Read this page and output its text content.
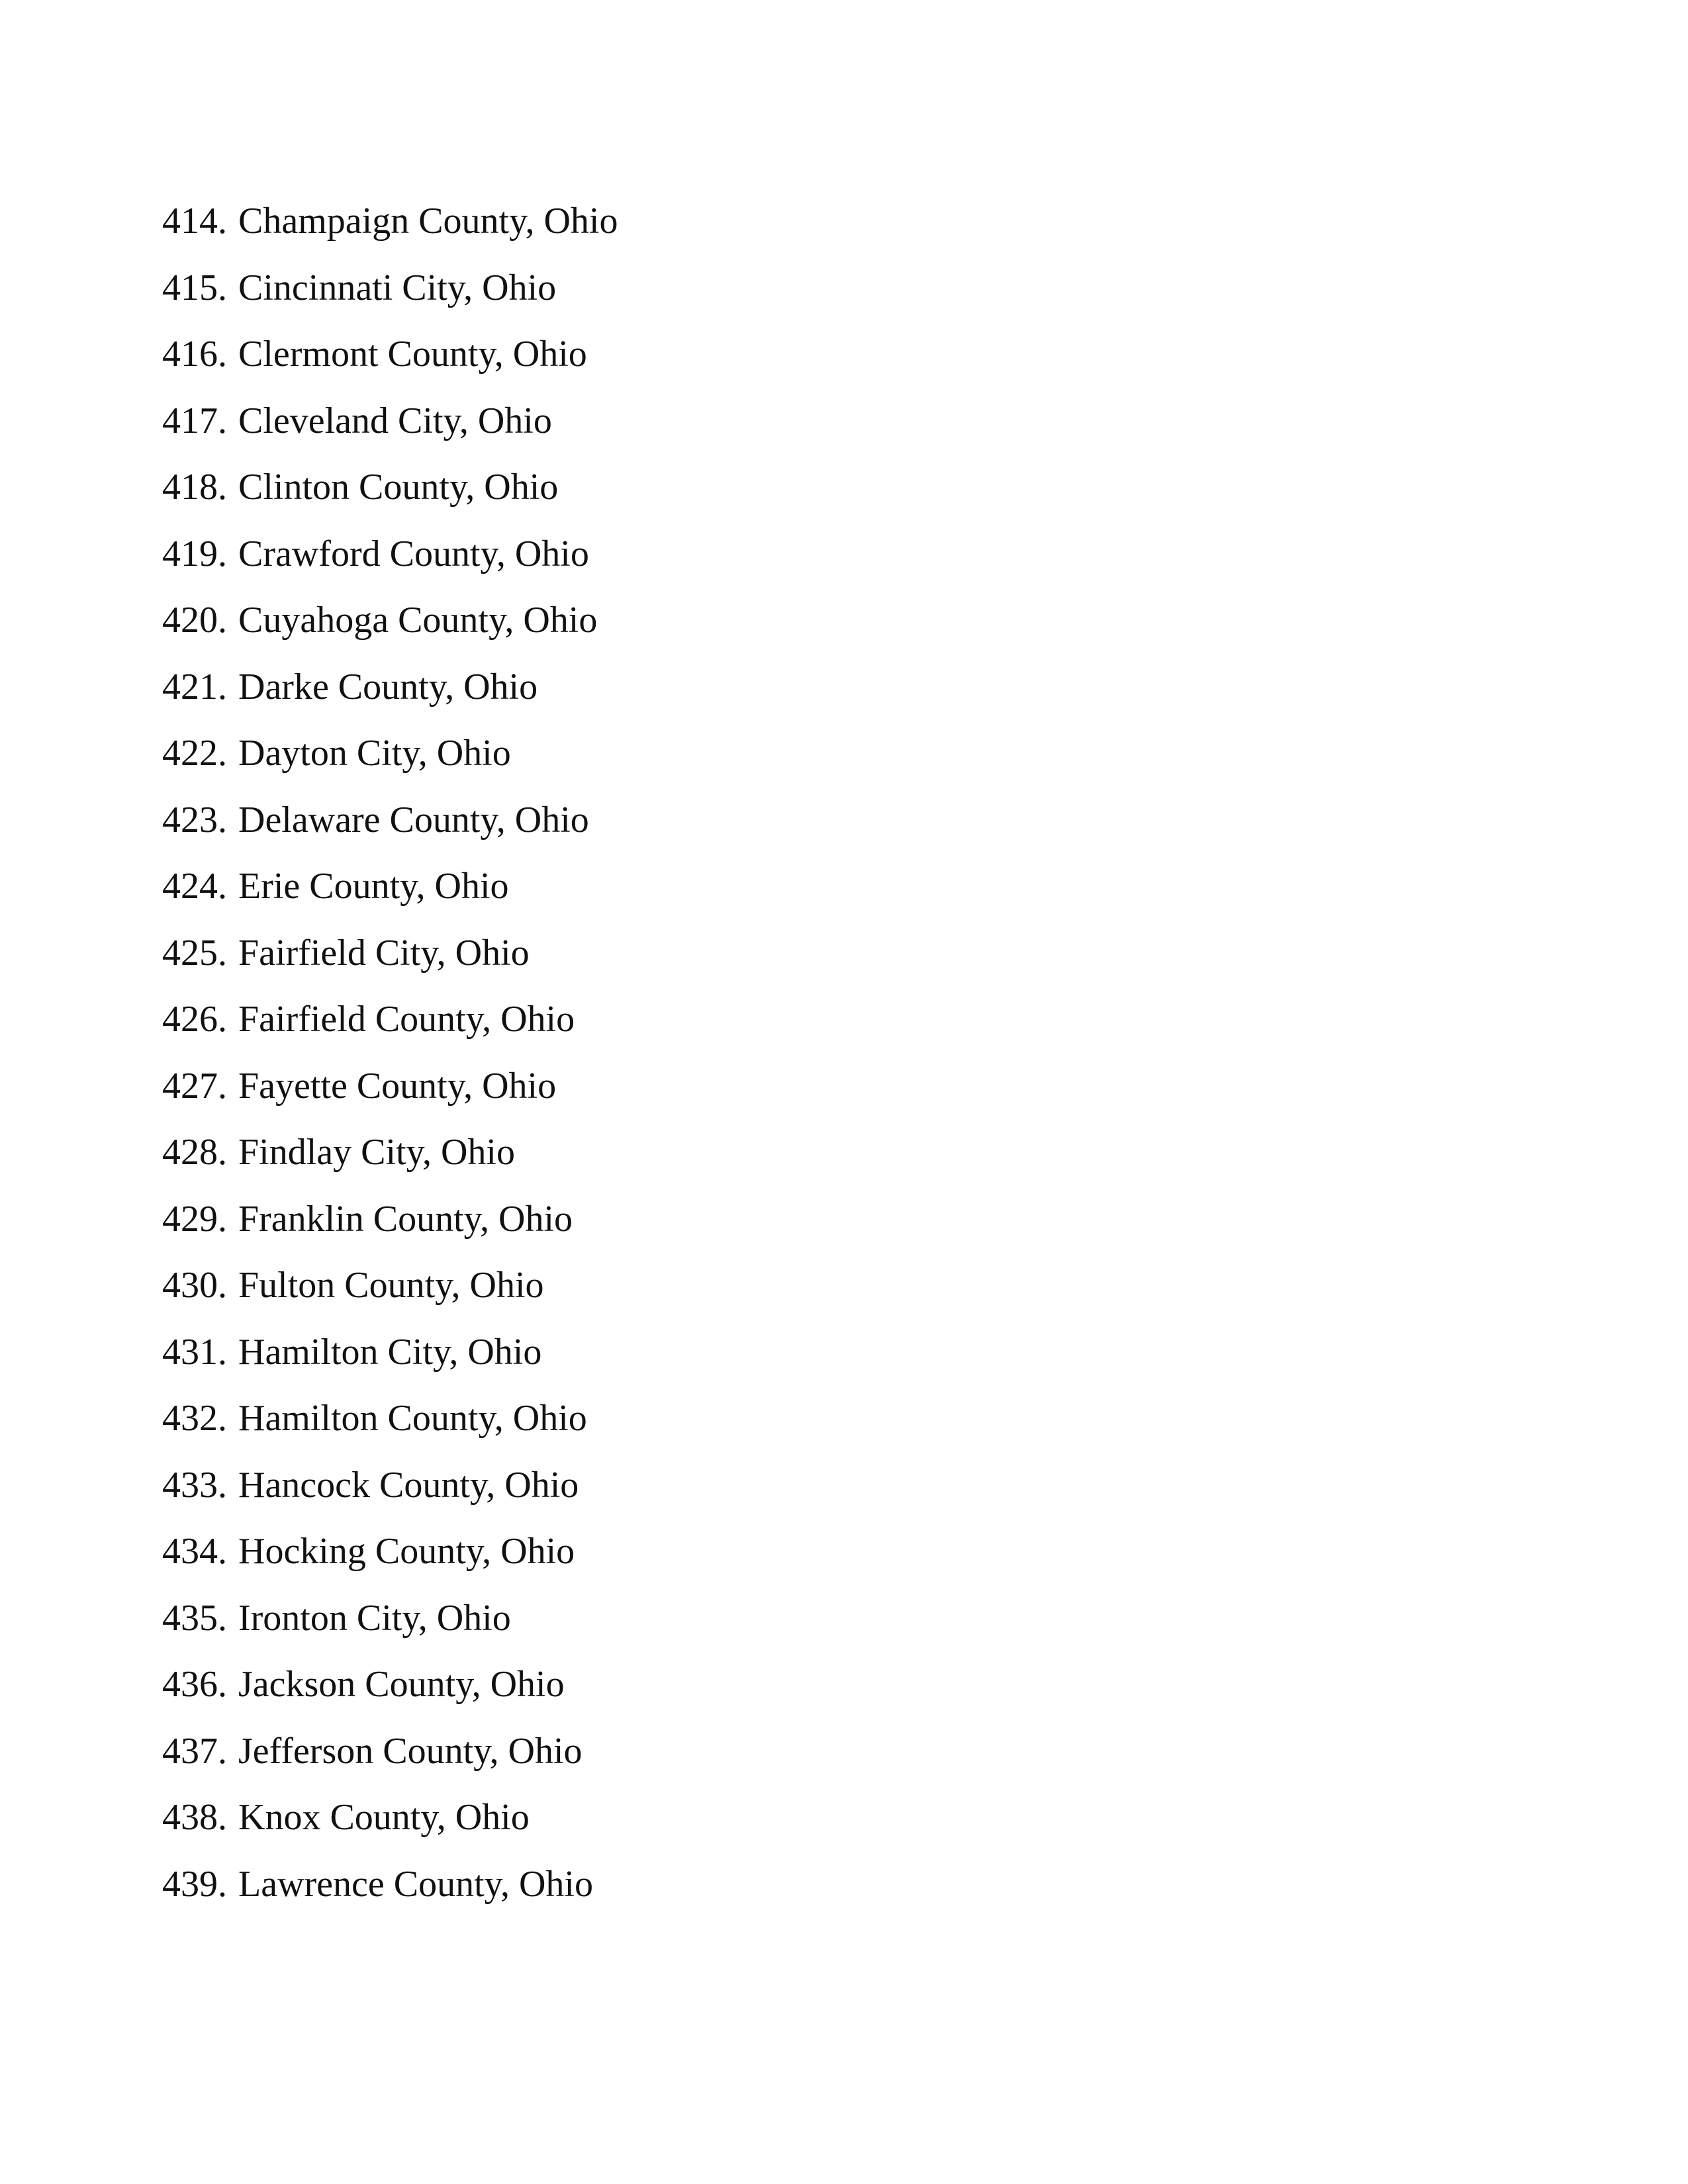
414. Champaign County, Ohio
415. Cincinnati City, Ohio
416. Clermont County, Ohio
417. Cleveland City, Ohio
418. Clinton County, Ohio
419. Crawford County, Ohio
420. Cuyahoga County, Ohio
421. Darke County, Ohio
422. Dayton City, Ohio
423. Delaware County, Ohio
424. Erie County, Ohio
425. Fairfield City, Ohio
426. Fairfield County, Ohio
427. Fayette County, Ohio
428. Findlay City, Ohio
429. Franklin County, Ohio
430. Fulton County, Ohio
431. Hamilton City, Ohio
432. Hamilton County, Ohio
433. Hancock County, Ohio
434. Hocking County, Ohio
435. Ironton City, Ohio
436. Jackson County, Ohio
437. Jefferson County, Ohio
438. Knox County, Ohio
439. Lawrence County, Ohio
